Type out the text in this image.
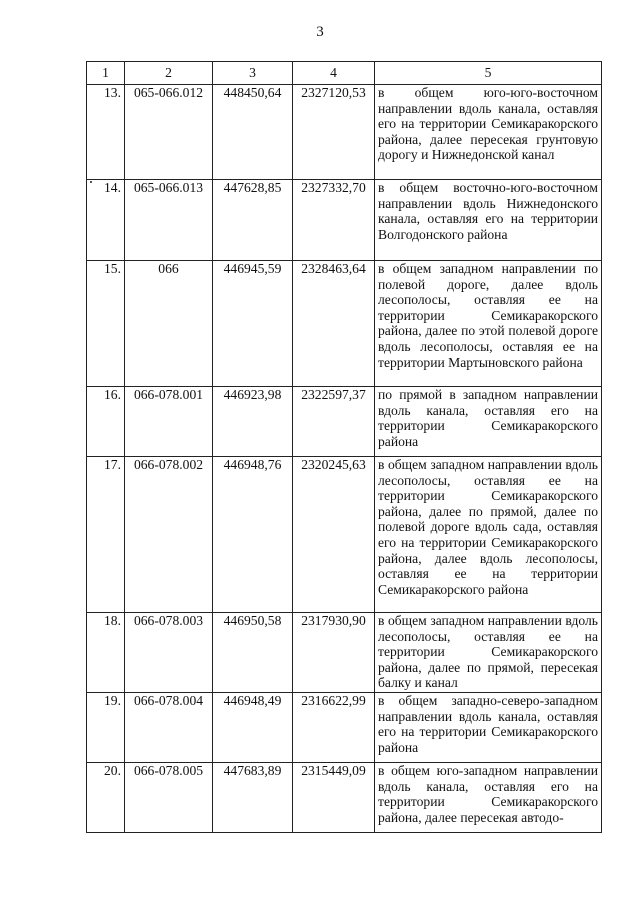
3
1	2	3	4	5
13.	065-066.012	448450,64	2327120,53	в общем юго-юго-восточном направлении вдоль канала, оставляя его на территории Семикаракорского района, далее пересекая грунтовую дорогу и Нижнедонской канал
14.	065-066.013	447628,85	2327332,70	в общем восточно-юго-восточном направлении вдоль Нижнедонского канала, оставляя его на территории Волгодонского района
15.	066	446945,59	2328463,64	в общем западном направлении по полевой дороге, далее вдоль лесополосы, оставляя ее на территории Семикаракорского района, далее по этой полевой дороге вдоль лесополосы, оставляя ее на территории Мартыновского района
16.	066-078.001	446923,98	2322597,37	по прямой в западном направлении вдоль канала, оставляя его на территории Семикаракорского района
17.	066-078.002	446948,76	2320245,63	в общем западном направлении вдоль лесополосы, оставляя ее на территории Семикаракорского района, далее по прямой, далее по полевой дороге вдоль сада, оставляя его на территории Семикаракорского района, далее вдоль лесополосы, оставляя ее на территории Семикаракорского района
18.	066-078.003	446950,58	2317930,90	в общем западном направлении вдоль лесополосы, оставляя ее на территории Семикаракорского района, далее по прямой, пересекая балку и канал
19.	066-078.004	446948,49	2316622,99	в общем западно-северо-западном направлении вдоль канала, оставляя его на территории Семикаракорского района
20.	066-078.005	447683,89	2315449,09	в общем юго-западном направлении вдоль канала, оставляя его на территории Семикаракорского района, далее пересекая автодо-
